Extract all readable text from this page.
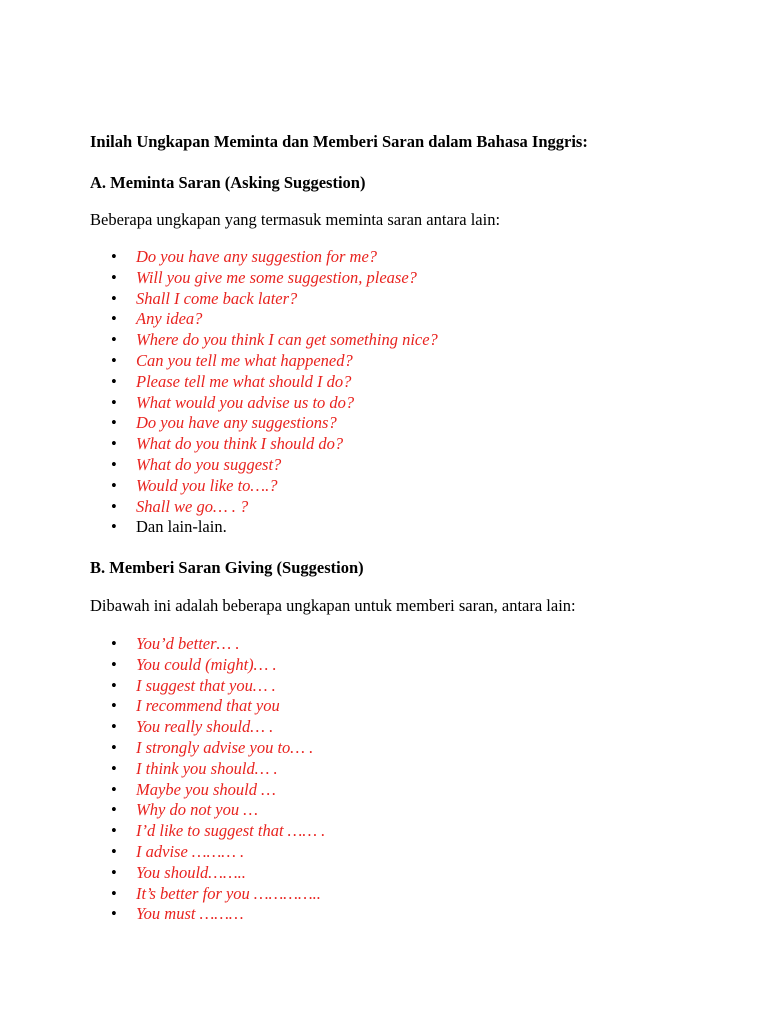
Inilah Ungkapan Meminta dan Memberi Saran dalam Bahasa Inggris:
A. Meminta Saran (Asking Suggestion)

Beberapa ungkapan yang termasuk meminta saran antara lain:

• Do you have any suggestion for me?
• Will you give me some suggestion, please?
• Shall I come back later?
• Any idea?
• Where do you think I can get something nice?
• Can you tell me what happened?
• Please tell me what should I do?
• What would you advise us to do?
• Do you have any suggestions?
• What do you think I should do?
• What do you suggest?
• Would you like to….?
• Shall we go… . ?
• Dan lain-lain.
B. Memberi Saran Giving (Suggestion)

Dibawah ini adalah beberapa ungkapan untuk memberi saran, antara lain:

• You’d better… .
• You could (might)… .
• I suggest that you… .
• I recommend that you
• You really should… .
• I strongly advise you to… .
• I think you should… .
• Maybe you should …
• Why do not you …
• I’d like to suggest that …… .
• I advise ……… .
• You should……..
• It’s better for you …………..
• You must ………
